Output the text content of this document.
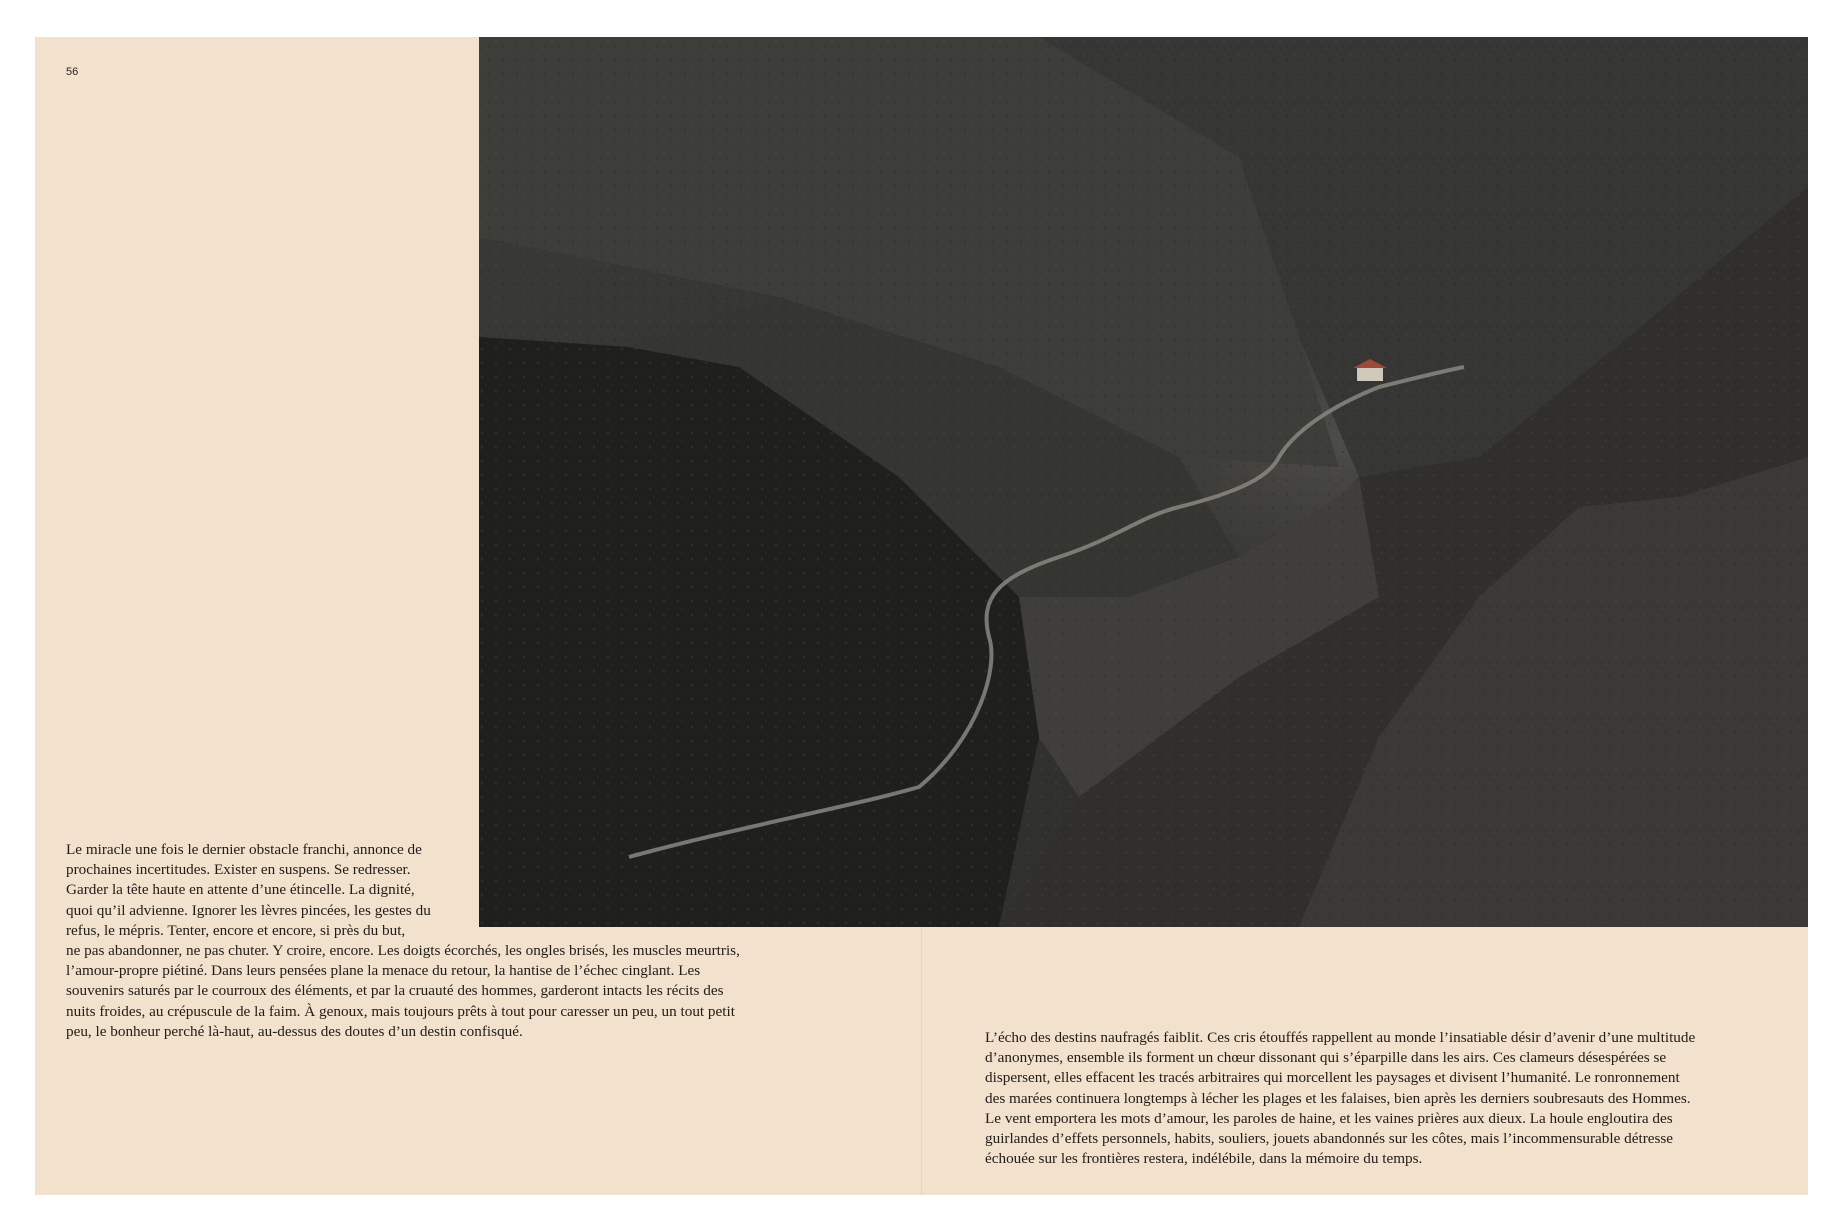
56
Le miracle une fois le dernier obstacle franchi, annonce de
prochaines incertitudes. Exister en suspens. Se redresser.
Garder la tête haute en attente d’une étincelle. La dignité,
quoi qu’il advienne. Ignorer les lèvres pincées, les gestes du
refus, le mépris. Tenter, encore et encore, si près du but,
ne pas abandonner, ne pas chuter. Y croire, encore. Les doigts écorchés, les ongles brisés, les muscles meurtris,
l’amour-propre piétiné. Dans leurs pensées plane la menace du retour, la hantise de l’échec cinglant. Les
souvenirs saturés par le courroux des éléments, et par la cruauté des hommes, garderont intacts les récits des
nuits froides, au crépuscule de la faim. À genoux, mais toujours prêts à tout pour caresser un peu, un tout petit
peu, le bonheur perché là-haut, au-dessus des doutes d’un destin confisqué.	L’écho des destins naufragés faiblit. Ces cris étouffés rappellent au monde l’insatiable désir d’avenir d’une multitude
d’anonymes, ensemble ils forment un chœur dissonant qui s’éparpille dans les airs. Ces clameurs désespérées se
dispersent, elles effacent les tracés arbitraires qui morcellent les paysages et divisent l’humanité. Le ronronnement
des marées continuera longtemps à lécher les plages et les falaises, bien après les derniers soubresauts des Hommes.
Le vent emportera les mots d’amour, les paroles de haine, et les vaines prières aux dieux. La houle engloutira des
guirlandes d’effets personnels, habits, souliers, jouets abandonnés sur les côtes, mais l’incommensurable détresse
échouée sur les frontières restera, indélébile, dans la mémoire du temps.
